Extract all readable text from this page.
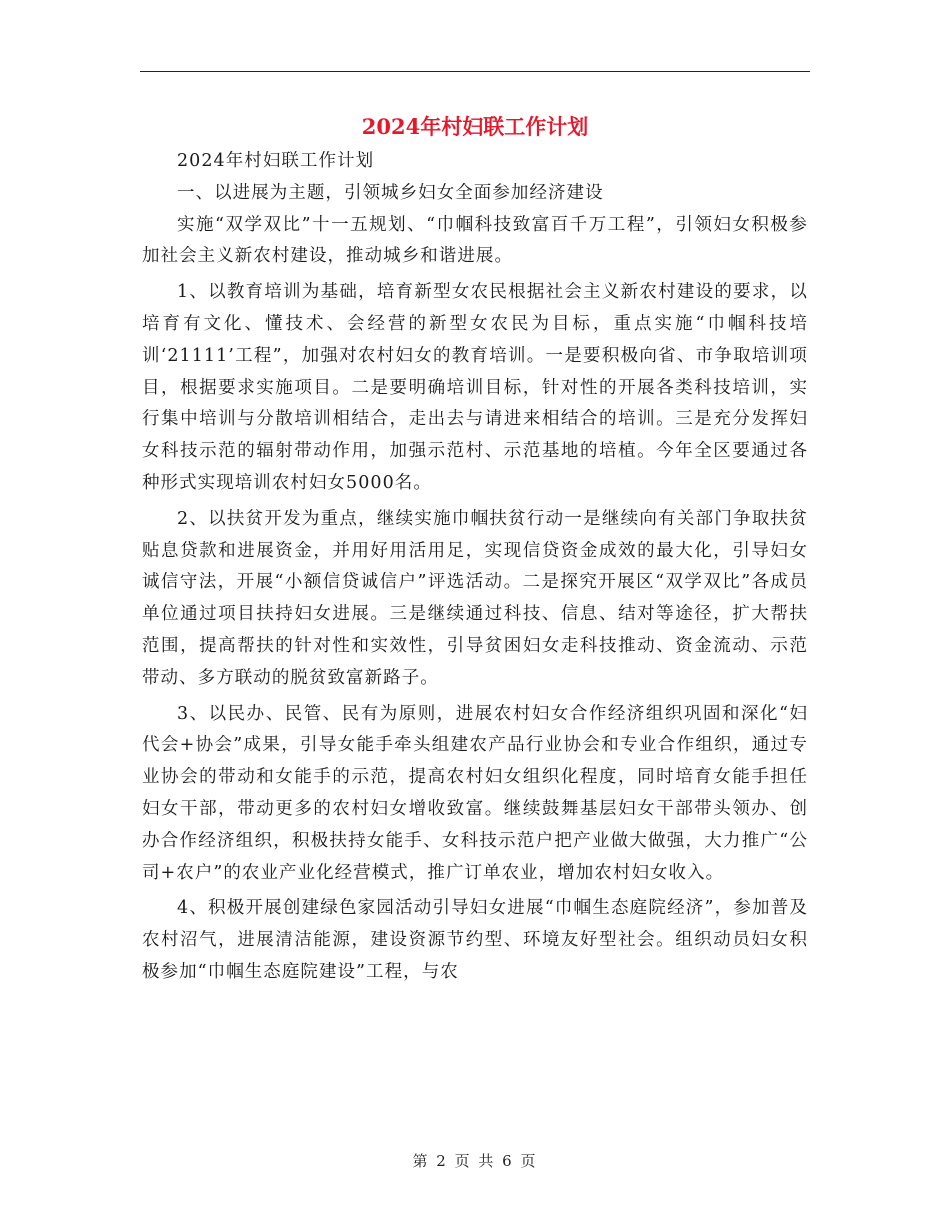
2024年村妇联工作计划

2024年村妇联工作计划

一、以进展为主题，引领城乡妇女全面参加经济建设

实施“双学双比”十一五规划、“巾帼科技致富百千万工程”，引领妇女积极参加社会主义新农村建设，推动城乡和谐进展。

1、以教育培训为基础，培育新型女农民根据社会主义新农村建设的要求，以培育有文化、懂技术、会经营的新型女农民为目标，重点实施“巾帼科技培训‘21111’工程”，加强对农村妇女的教育培训。一是要积极向省、市争取培训项目，根据要求实施项目。二是要明确培训目标，针对性的开展各类科技培训，实行集中培训与分散培训相结合，走出去与请进来相结合的培训。三是充分发挥妇女科技示范的辐射带动作用，加强示范村、示范基地的培植。今年全区要通过各种形式实现培训农村妇女5000名。

2、以扶贫开发为重点，继续实施巾帼扶贫行动一是继续向有关部门争取扶贫贴息贷款和进展资金，并用好用活用足，实现信贷资金成效的最大化，引导妇女诚信守法，开展“小额信贷诚信户”评选活动。二是探究开展区“双学双比”各成员单位通过项目扶持妇女进展。三是继续通过科技、信息、结对等途径，扩大帮扶范围，提高帮扶的针对性和实效性，引导贫困妇女走科技推动、资金流动、示范带动、多方联动的脱贫致富新路子。

3、以民办、民管、民有为原则，进展农村妇女合作经济组织巩固和深化“妇代会+协会”成果，引导女能手牵头组建农产品行业协会和专业合作组织，通过专业协会的带动和女能手的示范，提高农村妇女组织化程度，同时培育女能手担任妇女干部，带动更多的农村妇女增收致富。继续鼓舞基层妇女干部带头领办、创办合作经济组织，积极扶持女能手、女科技示范户把产业做大做强，大力推广“公司+农户”的农业产业化经营模式，推广订单农业，增加农村妇女收入。

4、积极开展创建绿色家园活动引导妇女进展“巾帼生态庭院经济”，参加普及农村沼气，进展清洁能源，建设资源节约型、环境友好型社会。组织动员妇女积极参加“巾帼生态庭院建设”工程，与农

第 2 页 共 6 页
